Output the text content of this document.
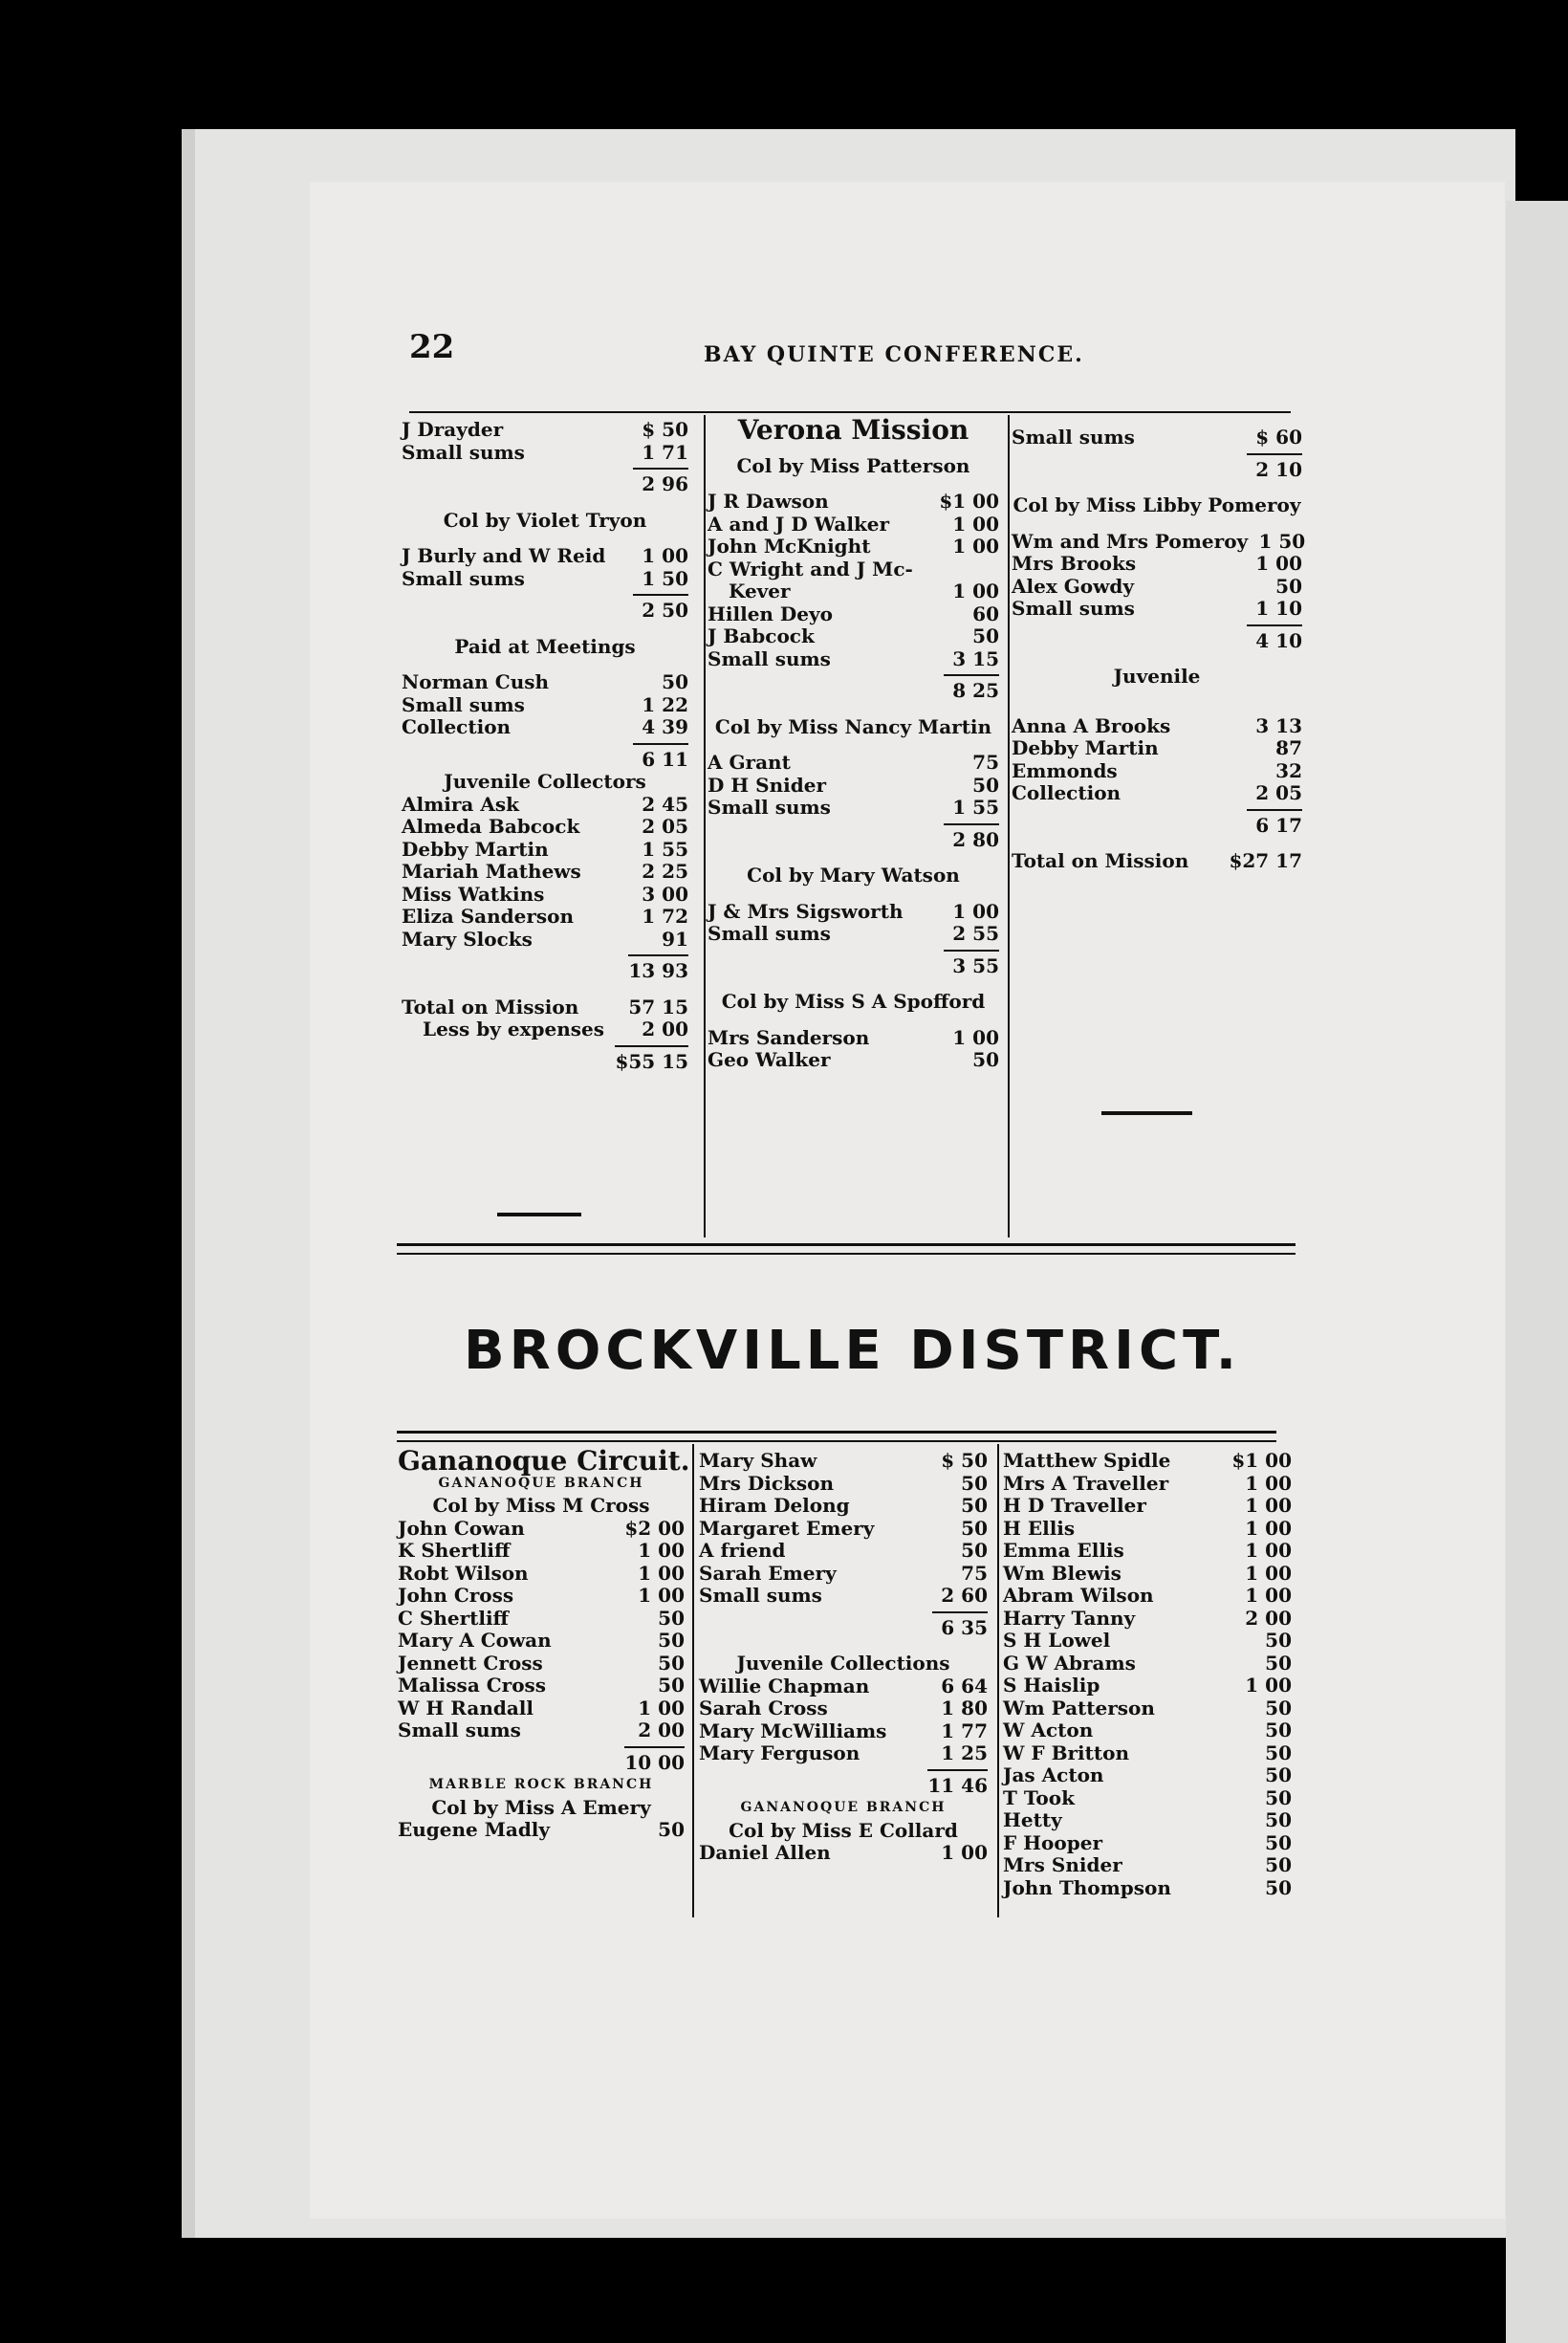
22	BAY QUINTE CONFERENCE.
J Drayder	$ 50
Small sums	1 71
2 96
Col by Violet Tryon
J Burly and W Reid	1 00
Small sums	1 50
2 50
Paid at Meetings
Norman Cush	50
Small sums	1 22
Collection	4 39
6 11
Juvenile Collectors
Almira Ask	2 45
Almeda Babcock	2 05
Debby Martin	1 55
Mariah Mathews	2 25
Miss Watkins	3 00
Eliza Sanderson	1 72
Mary Slocks	91
13 93
Total on Mission	57 15
Less by expenses	2 00
$55 15
Verona Mission
Col by Miss Patterson
J R Dawson	$1 00
A and J D Walker	1 00
John McKnight	1 00
C Wright and J Mc-
Kever	1 00
Hillen Deyo	60
J Babcock	50
Small sums	3 15
8 25
Col by Miss Nancy Martin
A Grant	75
D H Snider	50
Small sums	1 55
2 80
Col by Mary Watson
J & Mrs Sigsworth	1 00
Small sums	2 55
3 55
Col by Miss S A Spofford
Mrs Sanderson	1 00
Geo Walker	50
Small sums	$ 60
2 10
Col by Miss Libby Pomeroy
Wm and Mrs Pomeroy 1 50
Mrs Brooks	1 00
Alex Gowdy	50
Small sums	1 10
4 10
Juvenile
Anna A Brooks	3 13
Debby Martin	87
Emmonds	32
Collection	2 05
6 17
Total on Mission $27 17
BROCKVILLE DISTRICT.
Gananoque Circuit.
GANANOQUE BRANCH
Col by Miss M Cross
John Cowan	$2 00
K Shertliff	1 00
Robt Wilson	1 00
John Cross	1 00
C Shertliff	50
Mary A Cowan	50
Jennett Cross	50
Malissa Cross	50
W H Randall	1 00
Small sums	2 00
10 00
MARBLE ROCK BRANCH
Col by Miss A Emery
Eugene Madly	50
Mary Shaw	$ 50
Mrs Dickson	50
Hiram Delong	50
Margaret Emery	50
A friend	50
Sarah Emery	75
Small sums	2 60
6 35
Juvenile Collections
Willie Chapman	6 64
Sarah Cross	1 80
Mary McWilliams	1 77
Mary Ferguson	1 25
11 46
GANANOQUE BRANCH
Col by Miss E Collard
Daniel Allen	1 00
Matthew Spidle	$1 00
Mrs A Traveller	1 00
H D Traveller	1 00
H Ellis	1 00
Emma Ellis	1 00
Wm Blewis	1 00
Abram Wilson	1 00
Harry Tanny	2 00
S H Lowel	50
G W Abrams	50
S Haislip	1 00
Wm Patterson	50
W Acton	50
W F Britton	50
Jas Acton	50
T Took	50
Hetty	50
F Hooper	50
Mrs Snider	50
John Thompson	50
